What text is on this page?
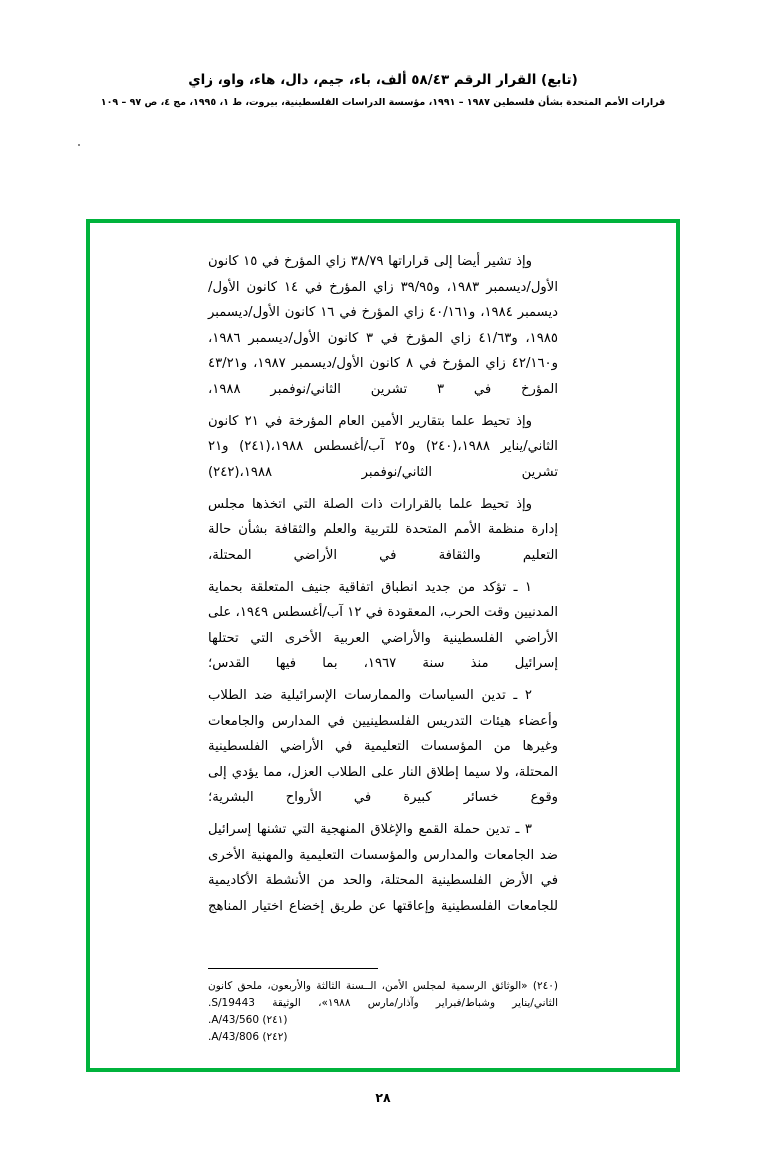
(تابع) القرار الرقم ٥٨/٤٣ ألف، باء، جيم، دال، هاء، واو، زاي
قرارات الأمم المتحدة بشأن فلسطين ١٩٨٧ – ١٩٩١، مؤسسة الدراسات الفلسطينية، بيروت، ط ١، ١٩٩٥، مج ٤، ص ٩٧ – ١٠٩

وإذ تشير أيضا إلى قراراتها ٣٨/٧٩ زاي المؤرخ في ١٥ كانون الأول/ديسمبر ١٩٨٣، و٣٩/٩٥ زاي المؤرخ في ١٤ كانون الأول/ديسمبر ١٩٨٤، و٤٠/١٦١ زاي المؤرخ في ١٦ كانون الأول/ديسمبر ١٩٨٥، و٤١/٦٣ زاي المؤرخ في ٣ كانون الأول/ديسمبر ١٩٨٦، و٤٢/١٦٠ زاي المؤرخ في ٨ كانون الأول/ديسمبر ١٩٨٧، و٤٣/٢١ المؤرخ في ٣ تشرين الثاني/نوفمبر ١٩٨٨،

وإذ تحيط علما بتقارير الأمين العام المؤرخة في ٢١ كانون الثاني/يناير ١٩٨٨،(٢٤٠) و٢٥ آب/أغسطس ١٩٨٨،(٢٤١) و٢١ تشرين الثاني/نوفمبر ١٩٨٨،(٢٤٢)

وإذ تحيط علما بالقرارات ذات الصلة التي اتخذها مجلس إدارة منظمة الأمم المتحدة للتربية والعلم والثقافة بشأن حالة التعليم والثقافة في الأراضي المحتلة،

١ ـ تؤكد من جديد انطباق اتفاقية جنيف المتعلقة بحماية المدنيين وقت الحرب، المعقودة في ١٢ آب/أغسطس ١٩٤٩، على الأراضي الفلسطينية والأراضي العربية الأخرى التي تحتلها إسرائيل منذ سنة ١٩٦٧، بما فيها القدس؛

٢ ـ تدين السياسات والممارسات الإسرائيلية ضد الطلاب وأعضاء هيئات التدريس الفلسطينيين في المدارس والجامعات وغيرها من المؤسسات التعليمية في الأراضي الفلسطينية المحتلة، ولا سيما إطلاق النار على الطلاب العزل، مما يؤدي إلى وقوع خسائر كبيرة في الأرواح البشرية؛

٣ ـ تدين حملة القمع والإغلاق المنهجية التي تشنها إسرائيل ضد الجامعات والمدارس والمؤسسات التعليمية والمهنية الأخرى في الأرض الفلسطينية المحتلة، والحد من الأنشطة الأكاديمية للجامعات الفلسطينية وإعاقتها عن طريق إخضاع اختيار المناهج

(٢٤٠) «الوثائق الرسمية لمجلس الأمن، الــسنة الثالثة والأربعون، ملحق كانون الثاني/يناير وشباط/فبراير وآذار/مارس ١٩٨٨»، الوثيقة S/19443.
(٢٤١) A/43/560.
(٢٤٢) A/43/806.
٢٨
